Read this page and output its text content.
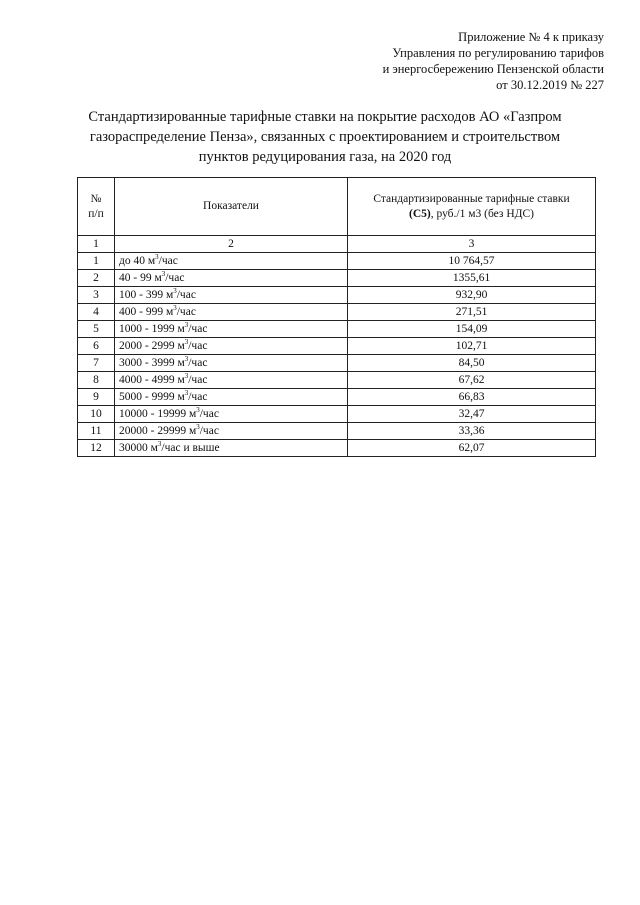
Приложение № 4 к приказу
Управления по регулированию тарифов
и энергосбережению Пензенской области
от 30.12.2019 № 227
Стандартизированные тарифные ставки на покрытие расходов АО «Газпром
газораспределение Пенза», связанных с проектированием и строительством
пунктов редуцирования газа, на 2020 год
№
п/п	Показатели	Стандартизированные тарифные ставки
(С5), руб./1 м3 (без НДС)

1	2	3
1	до 40 $м^3$/час	10 764,57
2	40 - 99 $м^3$/час	1355,61
3	100 - 399 $м^3$/час	932,90
4	400 - 999 $м^3$/час	271,51
5	1000 - 1999 $м^3$/час	154,09
6	2000 - 2999 $м^3$/час	102,71
7	3000 - 3999 $м^3$/час	84,50
8	4000 - 4999 $м^3$/час	67,62
9	5000 - 9999 $м^3$/час	66,83
10	10000 - 19999 $м^3$/час	32,47
11	20000 - 29999 $м^3$/час	33,36
12	30000 $м^3$/час и выше	62,07
